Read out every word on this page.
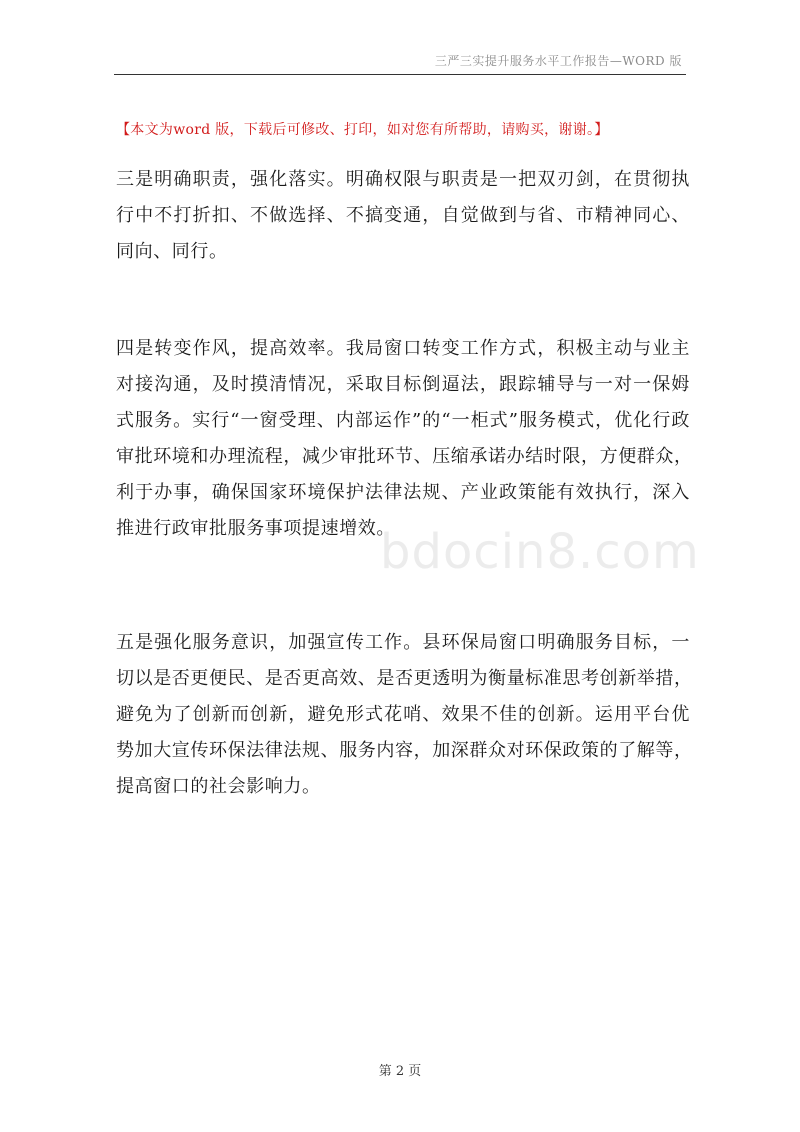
三严三实提升服务水平工作报告—WORD 版
【本文为word 版，下载后可修改、打印，如对您有所帮助，请购买，谢谢。】
三是明确职责，强化落实。明确权限与职责是一把双刃剑，在贯彻执
行中不打折扣、不做选择、不搞变通，自觉做到与省、市精神同心、
同向、同行。
四是转变作风，提高效率。我局窗口转变工作方式，积极主动与业主
对接沟通，及时摸清情况，采取目标倒逼法，跟踪辅导与一对一保姆
式服务。实行“一窗受理、内部运作”的“一柜式”服务模式，优化行政
审批环境和办理流程，减少审批环节、压缩承诺办结时限，方便群众，
利于办事，确保国家环境保护法律法规、产业政策能有效执行，深入
推进行政审批服务事项提速增效。
bdocin8.com
五是强化服务意识，加强宣传工作。县环保局窗口明确服务目标，一
切以是否更便民、是否更高效、是否更透明为衡量标准思考创新举措，
避免为了创新而创新，避免形式花哨、效果不佳的创新。运用平台优
势加大宣传环保法律法规、服务内容，加深群众对环保政策的了解等，
提高窗口的社会影响力。
第 2 页
